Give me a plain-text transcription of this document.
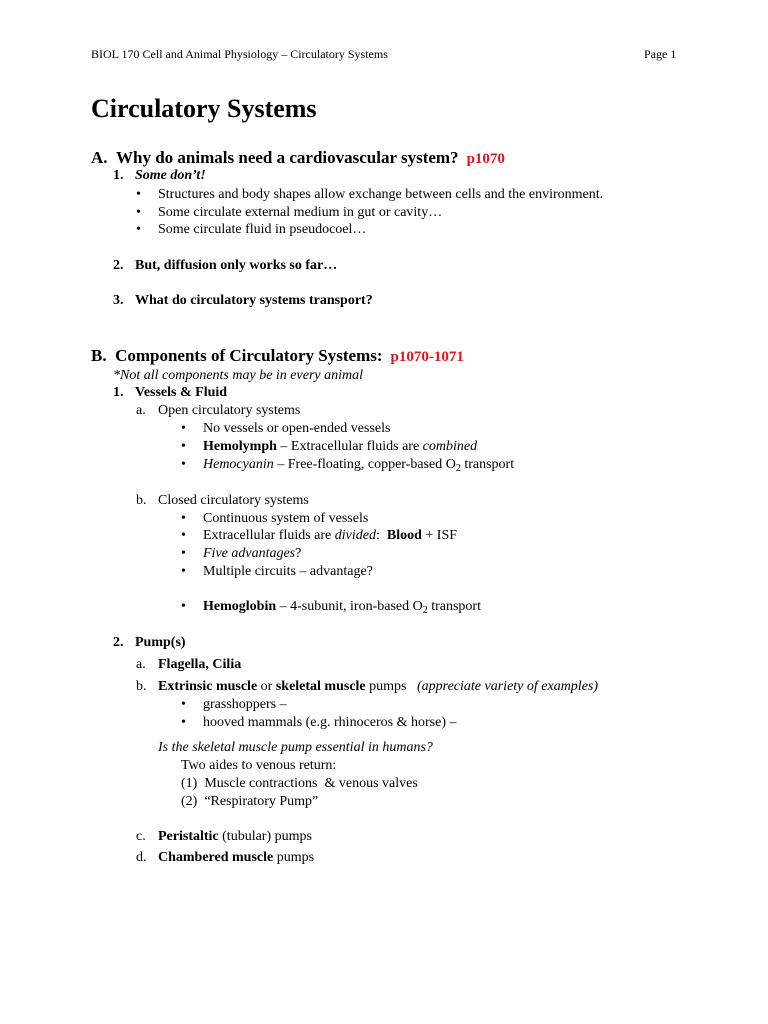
BIOL 170 Cell and Animal Physiology – Circulatory Systems	Page 1
Circulatory Systems
A.  Why do animals need a cardiovascular system? p1070
1. Some don’t!
• Structures and body shapes allow exchange between cells and the environment.
• Some circulate external medium in gut or cavity…
• Some circulate fluid in pseudocoel…
2. But, diffusion only works so far…
3. What do circulatory systems transport?
B.  Components of Circulatory Systems: p1070-1071
*Not all components may be in every animal
1. Vessels & Fluid
a. Open circulatory systems
• No vessels or open-ended vessels
• Hemolymph – Extracellular fluids are combined
• Hemocyanin – Free-floating, copper-based $O_2$ transport
b. Closed circulatory systems
• Continuous system of vessels
• Extracellular fluids are divided:  Blood + ISF
• Five advantages?
• Multiple circuits – advantage?
• Hemoglobin – 4-subunit, iron-based $O_2$ transport
2. Pump(s)
a. Flagella, Cilia
b. Extrinsic muscle or skeletal muscle pumps   (appreciate variety of examples)
• grasshoppers –
• hooved mammals (e.g. rhinoceros & horse) –
Is the skeletal muscle pump essential in humans?
Two aides to venous return:
(1)  Muscle contractions  & venous valves
(2)  “Respiratory Pump”
c. Peristaltic (tubular) pumps
d. Chambered muscle pumps
